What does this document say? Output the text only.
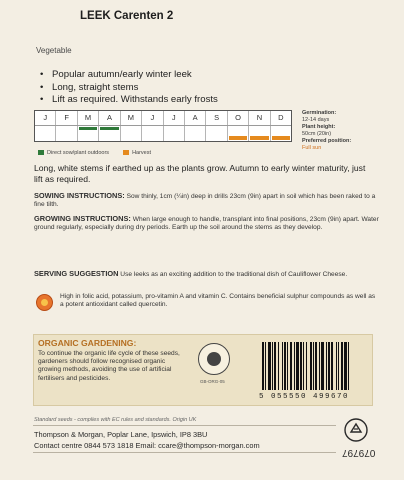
LEEK Carenten 2
Vegetable
• Popular autumn/early winter leek
• Long, straight stems
• Lift as required. Withstands early frosts
J	F	M	A	M	J	J	A	S	O	N	D
Direct sow/plant outdoors	Harvest
Germination:
12-14 days
Plant height:
50cm (20in)
Preferred position:
Full sun
Long, white stems if earthed up as the plants grow. Autumn to early winter maturity, just lift as required.
SOWING INSTRUCTIONS: Sow thinly, 1cm (¼in) deep in drills 23cm (9in) apart in soil which has been raked to a fine tilth.
GROWING INSTRUCTIONS: When large enough to handle, transplant into final positions, 23cm (9in) apart. Water ground regularly, especially during dry periods. Earth up the soil around the stems as they develop.
SERVING SUGGESTION Use leeks as an exciting addition to the traditional dish of Cauliflower Cheese.
High in folic acid, potassium, pro-vitamin A and vitamin C. Contains beneficial sulphur compounds as well as a potent antioxidant called quercetin.
ORGANIC GARDENING:
To continue the organic life cycle of these seeds, gardeners should follow recognised organic growing methods, avoiding the use of artificial fertilisers and pesticides.	GB-ORG-05
5 055550 499670
Standard seeds - complies with EC rules and standards. Origin UK
Thompson & Morgan, Poplar Lane, Ipswich, IP8 3BU
Contact centre 0844 573 1818 Email: ccare@thompson-morgan.com
079797
